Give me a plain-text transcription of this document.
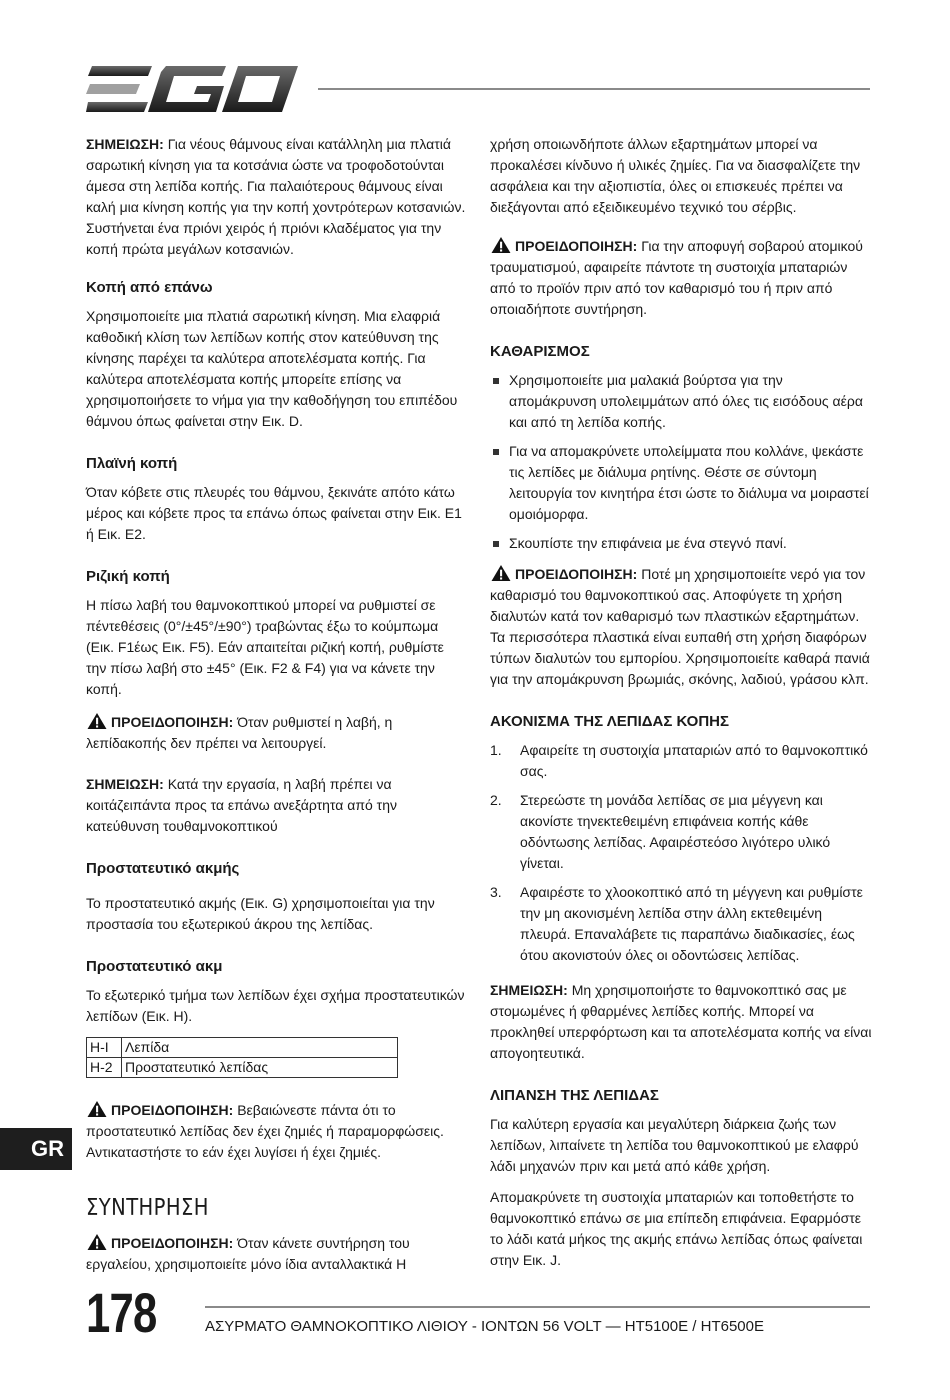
ΣΗΜΕΙΩΣΗ: Για νέους θάμνους είναι κατάλληλη μια πλατιά σαρωτική κίνηση για τα κοτσάνια ώστε να τροφοδοτούνται άμεσα στη λεπίδα κοπής. Για παλαιότερους θάμνους είναι καλή μια κίνηση κοπής για την κοπή χοντρότερων κοτσανιών. Συστήνεται ένα πριόνι χειρός ή πριόνι κλαδέματος για την κοπή πρώτα μεγάλων κοτσανιών.

Κοπή από επάνω

Χρησιμοποιείτε μια πλατιά σαρωτική κίνηση. Μια ελαφριά καθοδική κλίση των λεπίδων κοπής στον κατεύθυνση της κίνησης παρέχει τα καλύτερα αποτελέσματα κοπής. Για καλύτερα αποτελέσματα κοπής μπορείτε επίσης να χρησιμοποιήσετε το νήμα για την καθοδήγηση του επιπέδου θάμνου όπως φαίνεται στην Εικ. D.

Πλαϊνή κοπή

Όταν κόβετε στις πλευρές του θάμνου, ξεκινάτε απότο κάτω μέρος και κόβετε προς τα επάνω όπως φαίνεται στην Εικ. E1 ή Εικ. E2.

Ριζική κοπή

Η πίσω λαβή του θαμνοκοπτικού μπορεί να ρυθμιστεί σε πέντεθέσεις (0°/±45°/±90°) τραβώντας έξω το κούμπωμα (Εικ. F1έως Εικ. F5). Εάν απαιτείται ριζική κοπή, ρυθμίστε την πίσω λαβή στο ±45° (Εικ. F2 & F4) για να κάνετε την κοπή.

ΠΡΟΕΙΔΟΠΟΙΗΣΗ: Όταν ρυθμιστεί η λαβή, η λεπίδακοπής δεν πρέπει να λειτουργεί.

ΣΗΜΕΙΩΣΗ: Κατά την εργασία, η λαβή πρέπει να κοιτάζειπάντα προς τα επάνω ανεξάρτητα από την κατεύθυνση τουθαμνοκοπτικού

Προστατευτικό ακμής

Το προστατευτικό ακμής (Εικ. G) χρησιμοποιείται για την προστασία του εξωτερικού άκρου της λεπίδας.

Προστατευτικό ακμ

Το εξωτερικό τμήμα των λεπίδων έχει σχήμα προστατευτικών λεπίδων (Εικ. H).

H-I	Λεπίδα
H-2	Προστατευτικό λεπίδας

ΠΡΟΕΙΔΟΠΟΙΗΣΗ: Βεβαιώνεστε πάντα ότι το προστατευτικό λεπίδας δεν έχει ζημιές ή παραμορφώσεις. Αντικαταστήστε το εάν έχει λυγίσει ή έχει ζημιές.

ΣΥΝΤΗΡΗΣΗ

ΠΡΟΕΙΔΟΠΟΙΗΣΗ: Όταν κάνετε συντήρηση του εργαλείου, χρησιμοποιείτε μόνο ίδια ανταλλακτικά Η

χρήση οποιωνδήποτε άλλων εξαρτημάτων μπορεί να προκαλέσει κίνδυνο ή υλικές ζημίες. Για να διασφαλίζετε την ασφάλεια και την αξιοπιστία, όλες οι επισκευές πρέπει να διεξάγονται από εξειδικευμένο τεχνικό του σέρβις.

ΠΡΟΕΙΔΟΠΟΙΗΣΗ: Για την αποφυγή σοβαρού ατομικού τραυματισμού, αφαιρείτε πάντοτε τη συστοιχία μπαταριών από το προϊόν πριν από τον καθαρισμό του ή πριν από οποιαδήποτε συντήρηση.

ΚΑΘΑΡΙΣΜΟΣ
Χρησιμοποιείτε μια μαλακιά βούρτσα για την απομάκρυνση υπολειμμάτων από όλες τις εισόδους αέρα και από τη λεπίδα κοπής.
Για να απομακρύνετε υπολείμματα που κολλάνε, ψεκάστε τις λεπίδες με διάλυμα ρητίνης. Θέστε σε σύντομη λειτουργία τον κινητήρα έτσι ώστε το διάλυμα να μοιραστεί ομοιόμορφα.
Σκουπίστε την επιφάνεια με ένα στεγνό πανί.

ΠΡΟΕΙΔΟΠΟΙΗΣΗ: Ποτέ μη χρησιμοποιείτε νερό για τον καθαρισμό του θαμνοκοπτικού σας. Αποφύγετε τη χρήση διαλυτών κατά τον καθαρισμό των πλαστικών εξαρτημάτων. Τα περισσότερα πλαστικά είναι ευπαθή στη χρήση διαφόρων τύπων διαλυτών του εμπορίου. Χρησιμοποιείτε καθαρά πανιά για την απομάκρυνση βρωμιάς, σκόνης, λαδιού, γράσου κλπ.

ΑΚΟΝΙΣΜΑ ΤΗΣ ΛΕΠΙΔΑΣ ΚΟΠΗΣ
1. Αφαιρείτε τη συστοιχία μπαταριών από το θαμνοκοπτικό σας.
2. Στερεώστε τη μονάδα λεπίδας σε μια μέγγενη και ακονίστε τηνεκτεθειμένη επιφάνεια κοπής κάθε οδόντωσης λεπίδας. Αφαιρέστεόσο λιγότερο υλικό γίνεται.
3. Αφαιρέστε το χλοοκοπτικό από τη μέγγενη και ρυθμίστε την μη ακονισμένη λεπίδα στην άλλη εκτεθειμένη πλευρά. Επαναλάβετε τις παραπάνω διαδικασίες, έως ότου ακονιστούν όλες οι οδοντώσεις λεπίδας.

ΣΗΜΕΙΩΣΗ: Μη χρησιμοποιήστε το θαμνοκοπτικό σας με στομωμένες ή φθαρμένες λεπίδες κοπής. Μπορεί να προκληθεί υπερφόρτωση και τα αποτελέσματα κοπής να είναι απογοητευτικά.

ΛΙΠΑΝΣΗ ΤΗΣ ΛΕΠΙΔΑΣ

Για καλύτερη εργασία και μεγαλύτερη διάρκεια ζωής των λεπίδων, λιπαίνετε τη λεπίδα του θαμνοκοπτικού με ελαφρύ λάδι μηχανών πριν και μετά από κάθε χρήση.

Απομακρύνετε τη συστοιχία μπαταριών και τοποθετήστε το θαμνοκοπτικό επάνω σε μια επίπεδη επιφάνεια. Εφαρμόστε το λάδι κατά μήκος της ακμής επάνω λεπίδας όπως φαίνεται στην Εικ. J.

GR
178	ΑΣΥΡΜΑΤΟ ΘΑΜΝΟΚΟΠΤΙΚΟ ΛΙΘΙΟΥ - ΙΟΝΤΩΝ 56 VOLT — HT5100E / HT6500E
